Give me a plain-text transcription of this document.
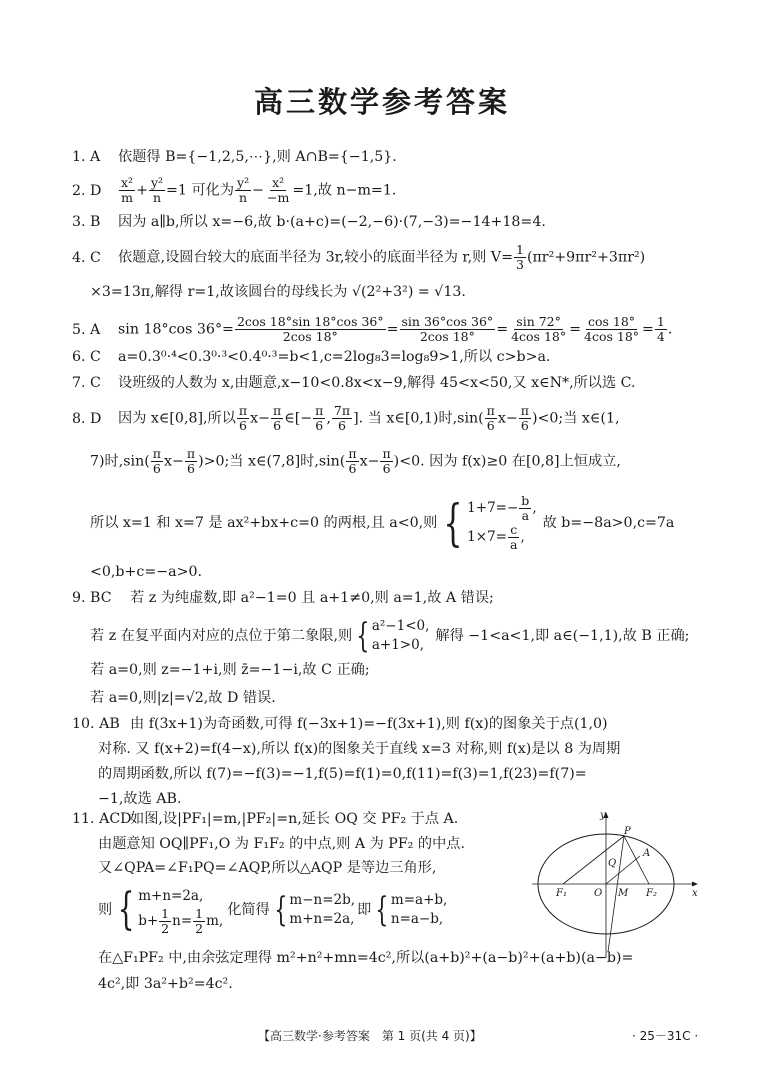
高三数学参考答案
1. A 依题得 B={−1,2,5,⋯},则 A∩B={−1,5}.
2. D $\frac{\text{x²}}{m} + \frac{\text{y²}}{n} =1$ 可化为 $\frac{\text{y²}}{n} - \frac{\text{x²}}{-m} =1$,故 n−m=1.
3. B 因为 a∥b,所以 x=−6,故 b·(a+c)=(−2,−6)·(7,−3)=−14+18=4.
4. C 依题意,设圆台较大的底面半径为 3r,较小的底面半径为 r,则 $V= \frac{1}{3} (\pi r^2+9\pi r^2+3\pi r^2)$
×3=13π,解得 r=1,故该圆台的母线长为 √(2²+3²) = √13.
5. A sin 18°cos $36^\circ= \frac{2\cos 18^\circ\sin 18^\circ\cos 36^\circ}{2\cos 18^\circ} = \frac{\sin 36^\circ\cos 36^\circ}{2\cos 18^\circ} = \frac{\sin 72^\circ}{4\cos 18^\circ} = \frac{\cos 18^\circ}{4\cos 18^\circ} = \frac{1}{4}$ .
6. C a=0.3⁰·⁴<0.3⁰·³<0.4⁰·³=b<1,c=2log₈3=log₈9>1,所以 c>b>a.
7. C 设班级的人数为 x,由题意,x−10<0.8x<x−9,解得 45<x<50,又 x∈N*,所以选 C.
8. D 因为 x∈[0,8],所以 $\frac{\pi}{6} x- \frac{\pi}{6}$ ∈[− $\frac{\pi}{6}$ , $\frac{7\pi}{6}$ ]. 当 x∈[0,1)时$,\sin( \frac{\pi}{6} x- \frac{\pi}{6} )<0$;当 x∈(1,
7)时$,\sin( \frac{\pi}{6} x- \frac{\pi}{6} )>0$;当 x∈(7,8]时$,\sin( \frac{\pi}{6} x- \frac{\pi}{6} )<0$. 因为 f(x)≥0 在[0,8]上恒成立,
所以 x=1 和 x=7 是 ax²+bx+c=0 的两根,且 a<0,则 { $1+7=- \frac{b}{a}$ ,
$1\times 7= \frac{c}{a}$ ,
故 b=−8a>0,c=7a
<0,b+c=−a>0.
9. BC 若 z 为纯虚数,即 a²−1=0 且 a+1≠0,则 a=1,故 A 错误;
若 z 在复平面内对应的点位于第二象限,则 { a²−1<0,
a+1>0,
解得 −1<a<1,即 a∈(−1,1),故 B 正确;
若 a=0,则 z=−1+i,则 z̄=−1−i,故 C 正确;
若 a=0,则|z|=√2,故 D 错误.
10. AB 由 f(3x+1)为奇函数,可得 f(−3x+1)=−f(3x+1),则 f(x)的图象关于点(1,0)
对称. 又 f(x+2)=f(4−x),所以 f(x)的图象关于直线 x=3 对称,则 f(x)是以 8 为周期
的周期函数,所以 f(7)=−f(3)=−1,f(5)=f(1)=0,f(11)=f(3)=1,f(23)=f(7)=
−1,故选 AB.
11. ACD如图,设|PF₁|=m,|PF₂|=n,延长 OQ 交 PF₂ 于点 A.
由题意知 OQ∥PF₁,O 为 F₁F₂ 的中点,则 A 为 PF₂ 的中点.
又∠QPA=∠F₁PQ=∠AQP,所以△AQP 是等边三角形,
则 { m+n=2a,
$b+ \frac{1}{2} n= \frac{1}{2} m$,
化简得 { m−n=2b,
m+n=2a,
即 { m=a+b,
n=a−b,
在△F₁PF₂ 中,由余弦定理得 m²+n²+mn=4c²,所以(a+b)²+(a−b)²+(a+b)(a−b)=
4c²,即 3a²+b²=4c².
y
x
P
A
Q
F₁	O M F₂
【高三数学·参考答案　第 1 页(共 4 页)】	· 25－31C ·
